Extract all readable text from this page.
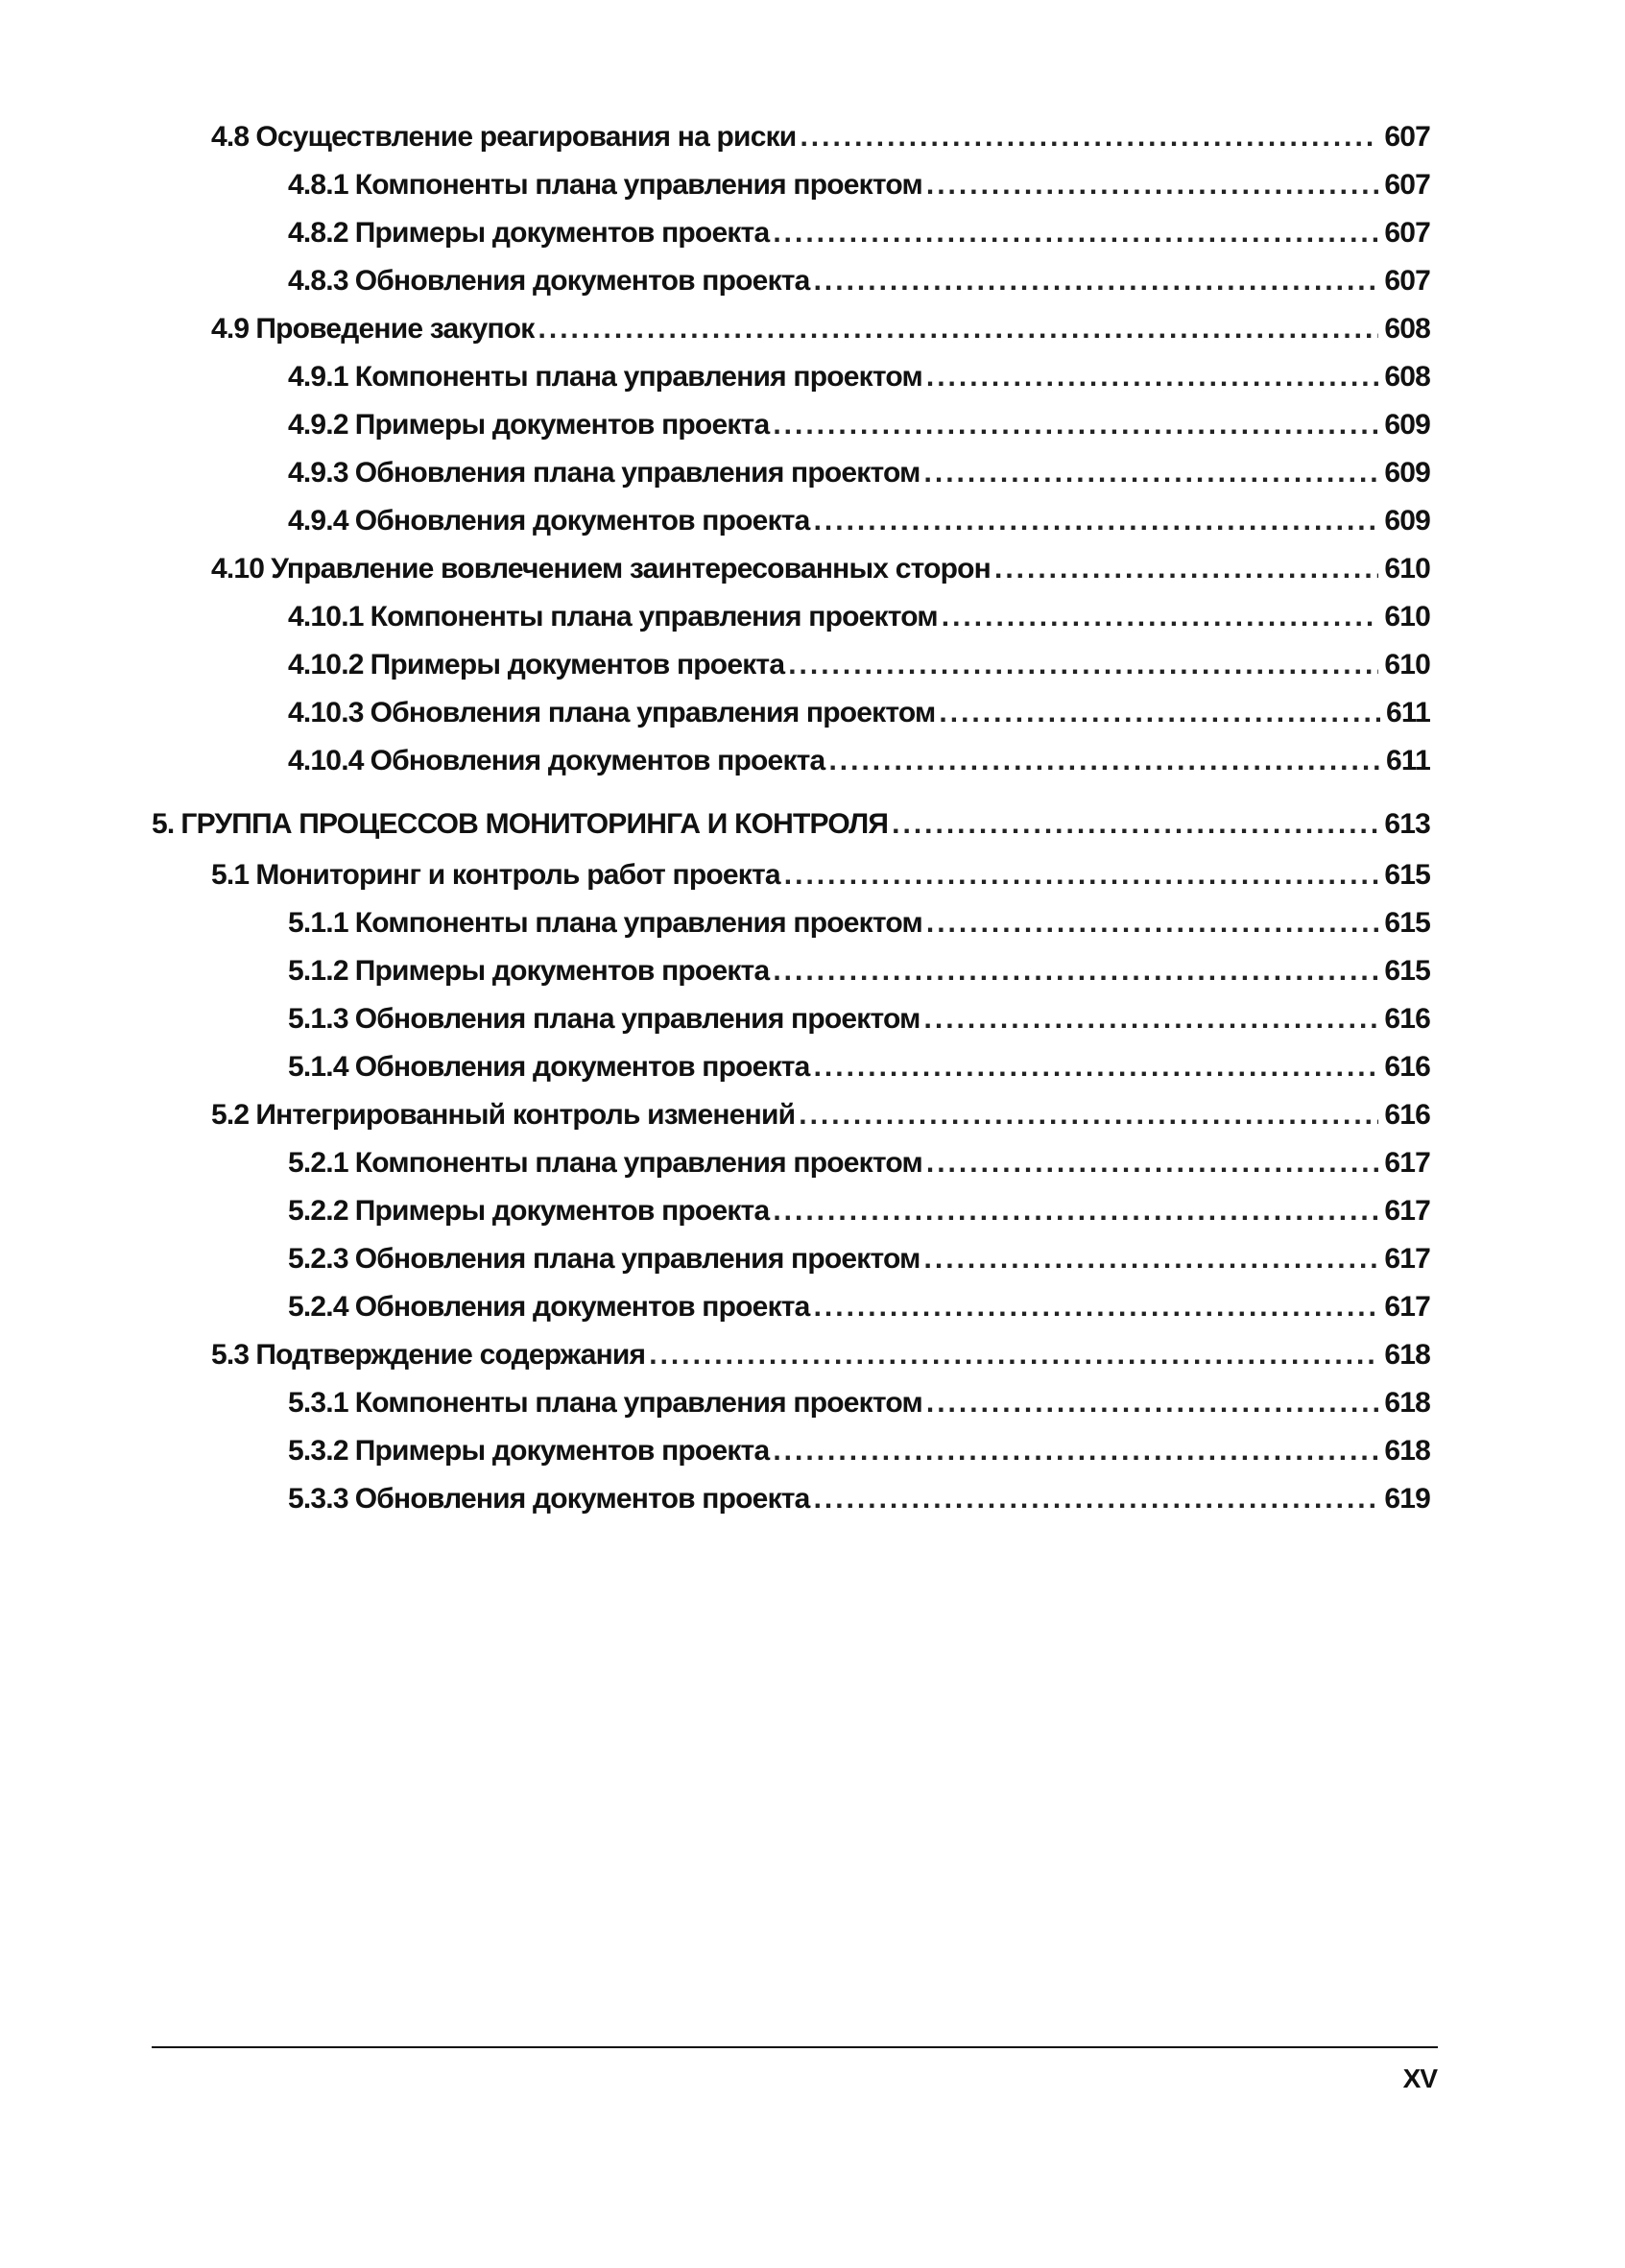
4.8 Осуществление реагирования на риски .....	607
4.8.1 Компоненты плана управления проектом .....	607
4.8.2 Примеры документов проекта .....	607
4.8.3 Обновления документов проекта .....	607
4.9 Проведение закупок .....	608
4.9.1 Компоненты плана управления проектом .....	608
4.9.2 Примеры документов проекта .....	609
4.9.3 Обновления плана управления проектом .....	609
4.9.4 Обновления документов проекта .....	609
4.10 Управление вовлечением заинтересованных сторон .....	610
4.10.1 Компоненты плана управления проектом .....	610
4.10.2 Примеры документов проекта .....	610
4.10.3 Обновления плана управления проектом .....	611
4.10.4 Обновления документов проекта .....	611
5. ГРУППА ПРОЦЕССОВ МОНИТОРИНГА И КОНТРОЛЯ .....	613
5.1 Мониторинг и контроль работ проекта .....	615
5.1.1 Компоненты плана управления проектом .....	615
5.1.2 Примеры документов проекта .....	615
5.1.3 Обновления плана управления проектом .....	616
5.1.4 Обновления документов проекта .....	616
5.2 Интегрированный контроль изменений .....	616
5.2.1 Компоненты плана управления проектом .....	617
5.2.2 Примеры документов проекта .....	617
5.2.3 Обновления плана управления проектом .....	617
5.2.4 Обновления документов проекта .....	617
5.3 Подтверждение содержания .....	618
5.3.1 Компоненты плана управления проектом .....	618
5.3.2 Примеры документов проекта .....	618
5.3.3 Обновления документов проекта .....	619
XV
